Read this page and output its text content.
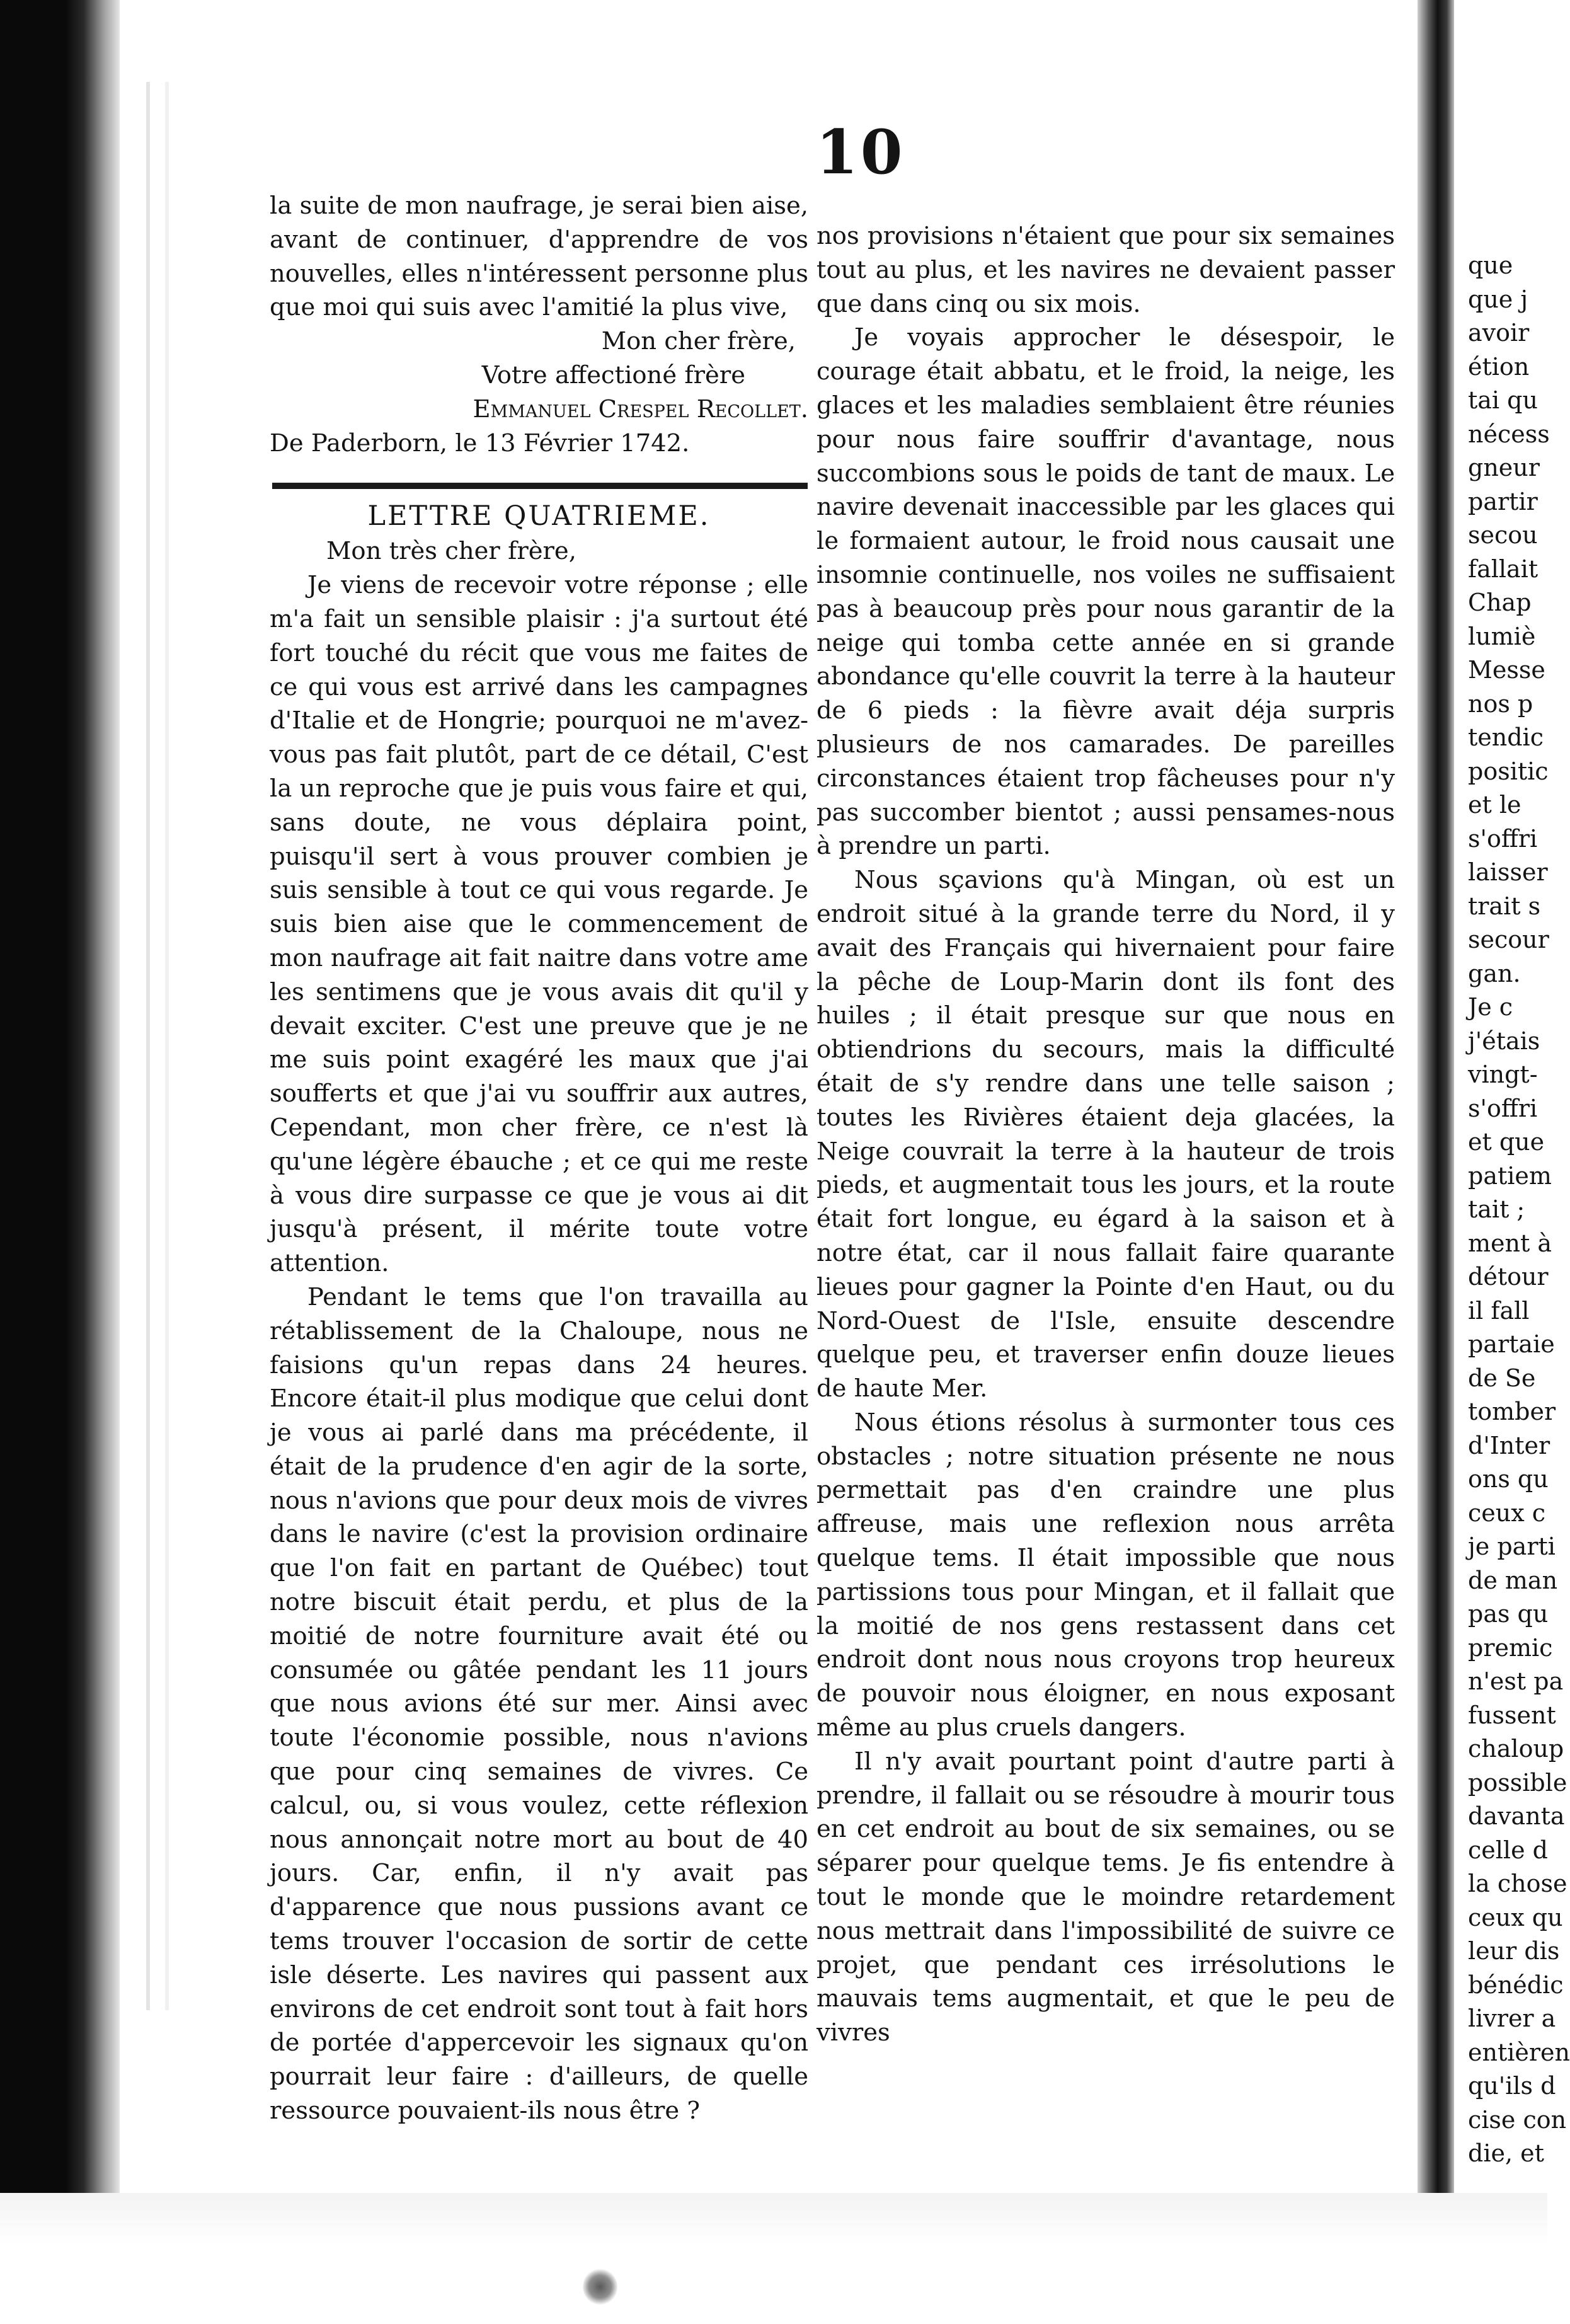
10

la suite de mon naufrage, je serai bien aise, avant de continuer, d'apprendre de vos nouvelles, elles n'intéressent personne plus que moi qui suis avec l'amitié la plus vive,

Mon cher frère,

Votre affectioné frère

Emmanuel Crespel Recollet.

De Paderborn, le 13 Février 1742.

LETTRE QUATRIEME.

Mon très cher frère,

Je viens de recevoir votre réponse ; elle m'a fait un sensible plaisir : j'a surtout été fort touché du récit que vous me faites de ce qui vous est arrivé dans les campagnes d'Italie et de Hongrie; pourquoi ne m'avez-vous pas fait plutôt, part de ce détail, C'est la un reproche que je puis vous faire et qui, sans doute, ne vous déplaira point, puisqu'il sert à vous prouver combien je suis sensible à tout ce qui vous regarde. Je suis bien aise que le commencement de mon naufrage ait fait naitre dans votre ame les sentimens que je vous avais dit qu'il y devait exciter. C'est une preuve que je ne me suis point exagéré les maux que j'ai soufferts et que j'ai vu souffrir aux autres, Cependant, mon cher frère, ce n'est là qu'une légère ébauche ; et ce qui me reste à vous dire surpasse ce que je vous ai dit jusqu'à présent, il mérite toute votre attention.

Pendant le tems que l'on travailla au rétablissement de la Chaloupe, nous ne faisions qu'un repas dans 24 heures. Encore était-il plus modique que celui dont je vous ai parlé dans ma précédente, il était de la prudence d'en agir de la sorte, nous n'avions que pour deux mois de vivres dans le navire (c'est la provision ordinaire que l'on fait en partant de Québec) tout notre biscuit était perdu, et plus de la moitié de notre fourniture avait été ou consumée ou gâtée pendant les 11 jours que nous avions été sur mer. Ainsi avec toute l'économie possible, nous n'avions que pour cinq semaines de vivres. Ce calcul, ou, si vous voulez, cette réflexion nous annonçait notre mort au bout de 40 jours. Car, enfin, il n'y avait pas d'apparence que nous pussions avant ce tems trouver l'occasion de sortir de cette isle déserte. Les navires qui passent aux environs de cet endroit sont tout à fait hors de portée d'appercevoir les signaux qu'on pourrait leur faire : d'ailleurs, de quelle ressource pouvaient-ils nous être ?

nos provisions n'étaient que pour six semaines tout au plus, et les navires ne devaient passer que dans cinq ou six mois.

Je voyais approcher le désespoir, le courage était abbatu, et le froid, la neige, les glaces et les maladies semblaient être réunies pour nous faire souffrir d'avantage, nous succombions sous le poids de tant de maux. Le navire devenait inaccessible par les glaces qui le formaient autour, le froid nous causait une insomnie continuelle, nos voiles ne suffisaient pas à beaucoup près pour nous garantir de la neige qui tomba cette année en si grande abondance qu'elle couvrit la terre à la hauteur de 6 pieds : la fièvre avait déja surpris plusieurs de nos camarades. De pareilles circonstances étaient trop fâcheuses pour n'y pas succomber bientot ; aussi pensames-nous à prendre un parti.

Nous sçavions qu'à Mingan, où est un endroit situé à la grande terre du Nord, il y avait des Français qui hivernaient pour faire la pêche de Loup-Marin dont ils font des huiles ; il était presque sur que nous en obtiendrions du secours, mais la difficulté était de s'y rendre dans une telle saison ; toutes les Rivières étaient deja glacées, la Neige couvrait la terre à la hauteur de trois pieds, et augmentait tous les jours, et la route était fort longue, eu égard à la saison et à notre état, car il nous fallait faire quarante lieues pour gagner la Pointe d'en Haut, ou du Nord-Ouest de l'Isle, ensuite descendre quelque peu, et traverser enfin douze lieues de haute Mer.

Nous étions résolus à surmonter tous ces obstacles ; notre situation présente ne nous permettait pas d'en craindre une plus affreuse, mais une reflexion nous arrêta quelque tems. Il était impossible que nous partissions tous pour Mingan, et il fallait que la moitié de nos gens restassent dans cet endroit dont nous nous croyons trop heureux de pouvoir nous éloigner, en nous exposant même au plus cruels dangers.

Il n'y avait pourtant point d'autre parti à prendre, il fallait ou se résoudre à mourir tous en cet endroit au bout de six semaines, ou se séparer pour quelque tems. Je fis entendre à tout le monde que le moindre retardement nous mettrait dans l'impossibilité de suivre ce projet, que pendant ces irrésolutions le mauvais tems augmentait, et que le peu de vivres

que
que j
avoir
étion
tai qu
nécess
gneur
partir
secou
fallait
Chap
lumiè
Messe
nos p
tendic
positic
et le
s'offri
laisser
trait s
secour
gan.
Je c
j'étais
vingt-
s'offri
et que
patiem
tait ;
ment à
détour
il fall
partaie
de Se
tomber
d'Inter
ons qu
ceux c
je parti
de man
pas qu
premic
n'est pa
fussent
chaloup
possible
davanta
celle d
la chose
ceux qu
leur dis
bénédic
livrer a
entièren
qu'ils d
cise con
die, et
